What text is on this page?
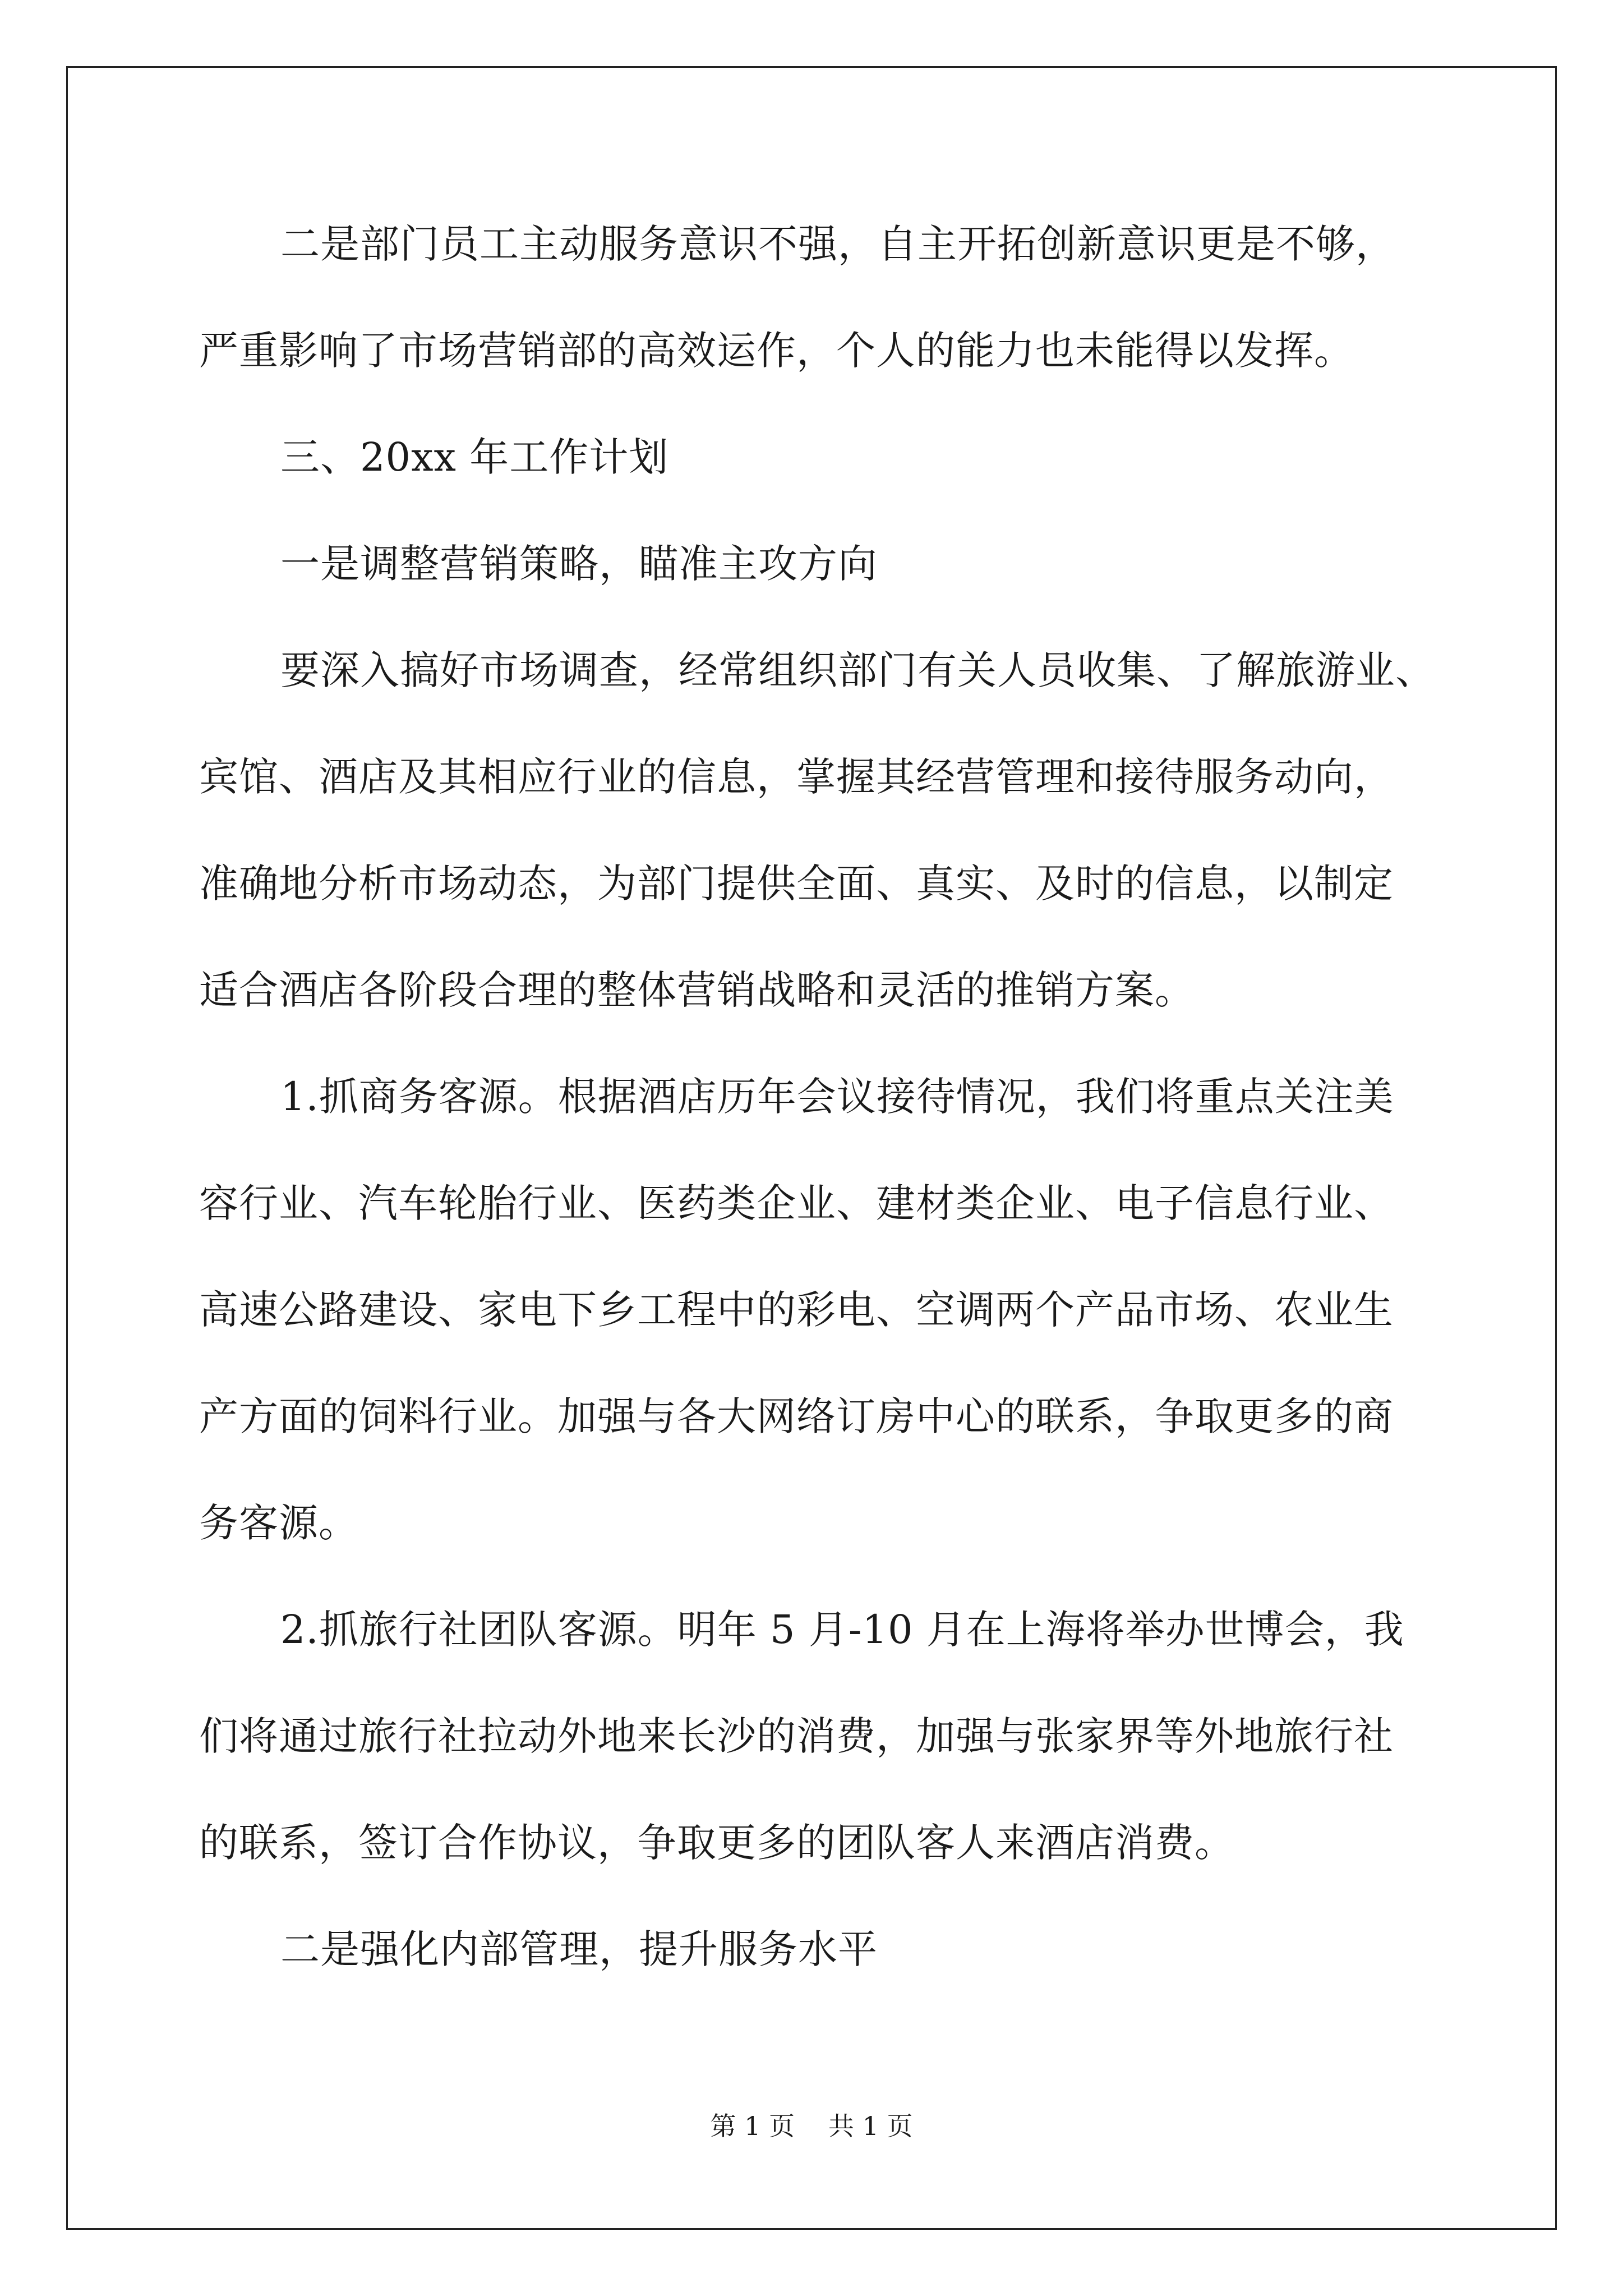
二是部门员工主动服务意识不强，自主开拓创新意识更是不够，
严重影响了市场营销部的高效运作，个人的能力也未能得以发挥。
三、20xx 年工作计划
一是调整营销策略，瞄准主攻方向
要深入搞好市场调查，经常组织部门有关人员收集、了解旅游业、
宾馆、酒店及其相应行业的信息，掌握其经营管理和接待服务动向，
准确地分析市场动态，为部门提供全面、真实、及时的信息，以制定
适合酒店各阶段合理的整体营销战略和灵活的推销方案。
1.抓商务客源。根据酒店历年会议接待情况，我们将重点关注美
容行业、汽车轮胎行业、医药类企业、建材类企业、电子信息行业、
高速公路建设、家电下乡工程中的彩电、空调两个产品市场、农业生
产方面的饲料行业。加强与各大网络订房中心的联系，争取更多的商
务客源。
2.抓旅行社团队客源。明年 5 月-10 月在上海将举办世博会，我
们将通过旅行社拉动外地来长沙的消费，加强与张家界等外地旅行社
的联系，签订合作协议，争取更多的团队客人来酒店消费。
二是强化内部管理，提升服务水平
第 1 页 共 1 页
